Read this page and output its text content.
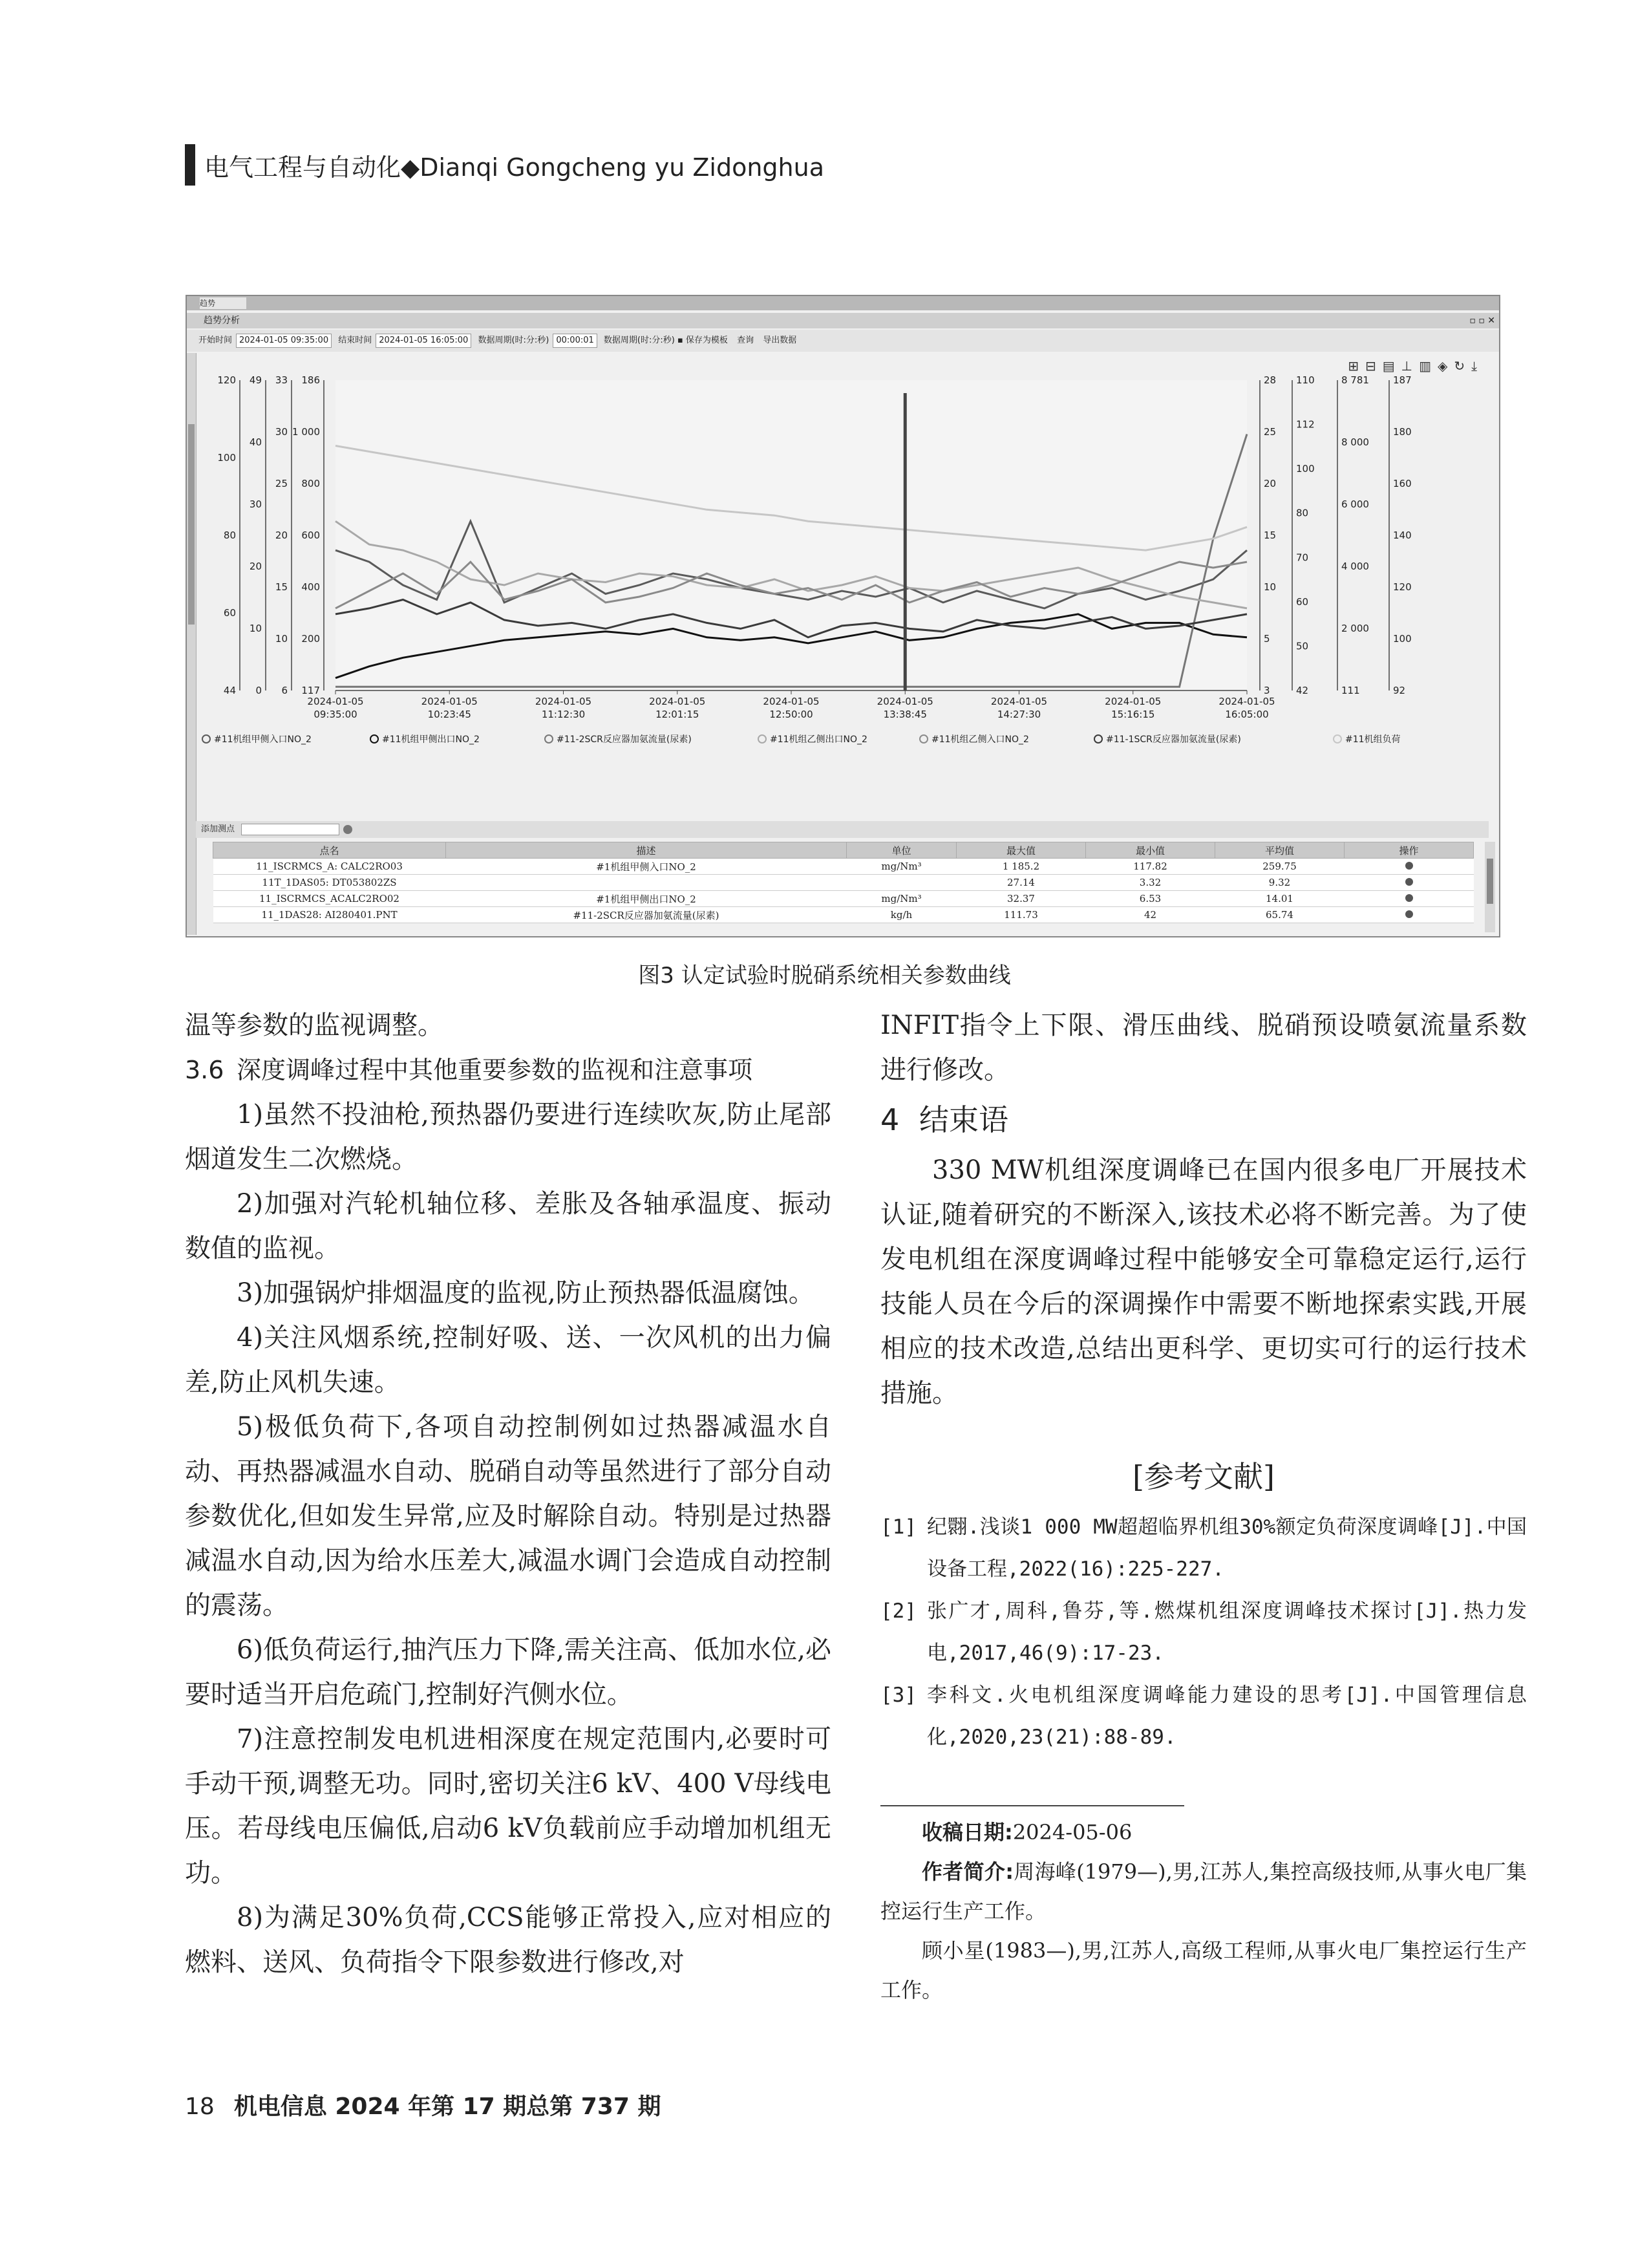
电气工程与自动化◆Dianqi Gongcheng yu Zidonghua
趋势
趋势分析	▫ ▫ ✕
开始时间 2024-01-05 09:35:00 结束时间 2024-01-05 16:05:00 数据周期(时:分:秒) 00:00:01 数据周期(时:分:秒) ▪ 保存为模板 查询 导出数据
⊞⊟▤⊥▥◈↻⤓
44
60
80
100
120
0
10
20
30
40
49
6
10
15
20
25
30
33
117
200
400
600
800
1 000
186
3
5
10
15
20
25
28
42
50
60
70
80
100
112
110
111
2 000
4 000
6 000
8 000
8 781
92
100
120
140
160
180
187
2024-01-05
09:35:00
2024-01-05
10:23:45
2024-01-05
11:12:30
2024-01-05
12:01:15
2024-01-05
12:50:00
2024-01-05
13:38:45
2024-01-05
14:27:30
2024-01-05
15:16:15
2024-01-05
16:05:00
#11机组甲侧入口NO_2	#11机组甲侧出口NO_2	#11-2SCR反应器加氨流量(尿素)	#11机组乙侧出口NO_2	#11机组乙侧入口NO_2	#11-1SCR反应器加氨流量(尿素)	#11机组负荷
添加测点
点名	描述	单位	最大值	最小值	平均值	操作
11_ISCRMCS_A: CALC2RO03	#1机组甲侧入口NO_2	mg/Nm³	1 185.2	117.82	259.75	
11T_1DAS05: DT053802ZS			27.14	3.32	9.32	
11_ISCRMCS_ACALC2RO02	#1机组甲侧出口NO_2	mg/Nm³	32.37	6.53	14.01	
11_1DAS28: AI280401.PNT	#11-2SCR反应器加氨流量(尿素)	kg/h	111.73	42	65.74	
图3 认定试验时脱硝系统相关参数曲线

温等参数的监视调整。

3.6 深度调峰过程中其他重要参数的监视和注意事项

1)虽然不投油枪,预热器仍要进行连续吹灰,防止尾部烟道发生二次燃烧。

2)加强对汽轮机轴位移、差胀及各轴承温度、振动数值的监视。

3)加强锅炉排烟温度的监视,防止预热器低温腐蚀。

4)关注风烟系统,控制好吸、送、一次风机的出力偏差,防止风机失速。

5)极低负荷下,各项自动控制例如过热器减温水自动、再热器减温水自动、脱硝自动等虽然进行了部分自动参数优化,但如发生异常,应及时解除自动。特别是过热器减温水自动,因为给水压差大,减温水调门会造成自动控制的震荡。

6)低负荷运行,抽汽压力下降,需关注高、低加水位,必要时适当开启危疏门,控制好汽侧水位。

7)注意控制发电机进相深度在规定范围内,必要时可手动干预,调整无功。同时,密切关注6 kV、400 V母线电压。若母线电压偏低,启动6 kV负载前应手动增加机组无功。

8)为满足30%负荷,CCS能够正常投入,应对相应的燃料、送风、负荷指令下限参数进行修改,对

INFIT指令上下限、滑压曲线、脱硝预设喷氨流量系数进行修改。

4 结束语

330 MW机组深度调峰已在国内很多电厂开展技术认证,随着研究的不断深入,该技术必将不断完善。为了使发电机组在深度调峰过程中能够安全可靠稳定运行,运行技能人员在今后的深调操作中需要不断地探索实践,开展相应的技术改造,总结出更科学、更切实可行的运行技术措施。

[参考文献]
[1] 纪翾.浅谈1 000 MW超超临界机组30%额定负荷深度调峰[J].中国设备工程,2022(16):225-227.
[2] 张广才,周科,鲁芬,等.燃煤机组深度调峰技术探讨[J].热力发电,2017,46(9):17-23.
[3] 李科文.火电机组深度调峰能力建设的思考[J].中国管理信息化,2020,23(21):88-89.
收稿日期:2024-05-06
作者简介:周海峰(1979—),男,江苏人,集控高级技师,从事火电厂集控运行生产工作。
顾小星(1983—),男,江苏人,高级工程师,从事火电厂集控运行生产工作。
18 机电信息 2024 年第 17 期总第 737 期
